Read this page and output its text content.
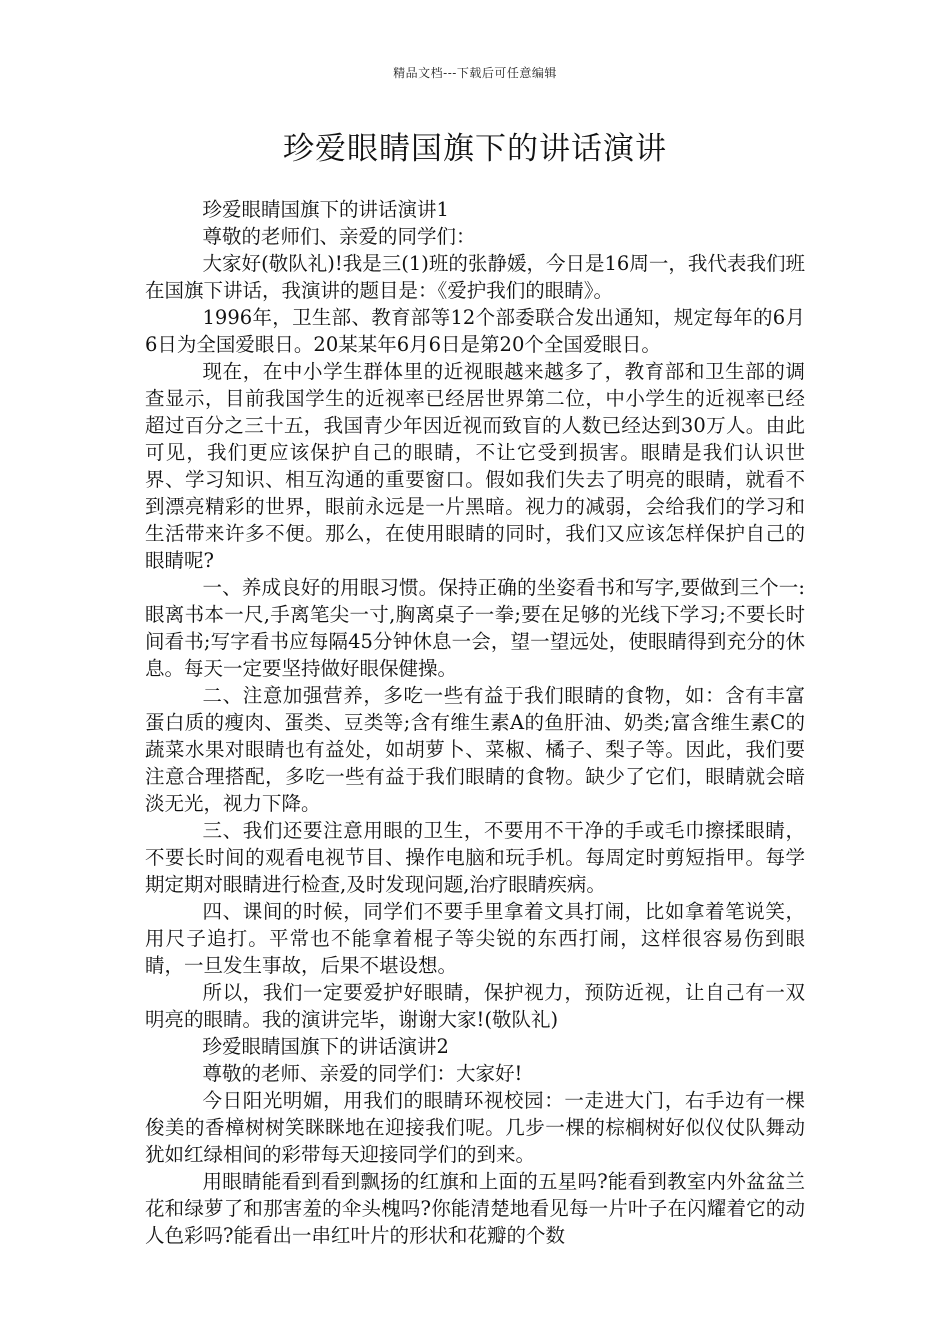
精品文档---下载后可任意编辑
珍爱眼睛国旗下的讲话演讲

珍爱眼睛国旗下的讲话演讲1

尊敬的老师们、亲爱的同学们：

大家好(敬队礼)!我是三(1)班的张静媛，今日是16周一，我代表我们班在国旗下讲话，我演讲的题目是：《爱护我们的眼睛》。

1996年，卫生部、教育部等12个部委联合发出通知，规定每年的6月6日为全国爱眼日。20某某年6月6日是第20个全国爱眼日。

现在，在中小学生群体里的近视眼越来越多了，教育部和卫生部的调查显示，目前我国学生的近视率已经居世界第二位，中小学生的近视率已经超过百分之三十五，我国青少年因近视而致盲的人数已经达到30万人。由此可见，我们更应该保护自己的眼睛，不让它受到损害。眼睛是我们认识世界、学习知识、相互沟通的重要窗口。假如我们失去了明亮的眼睛，就看不到漂亮精彩的世界，眼前永远是一片黑暗。视力的减弱，会给我们的学习和生活带来许多不便。那么，在使用眼睛的同时，我们又应该怎样保护自己的眼睛呢?

一、养成良好的用眼习惯。保持正确的坐姿看书和写字,要做到三个一:眼离书本一尺,手离笔尖一寸,胸离桌子一拳;要在足够的光线下学习;不要长时间看书;写字看书应每隔45分钟休息一会，望一望远处，使眼睛得到充分的休息。每天一定要坚持做好眼保健操。

二、注意加强营养，多吃一些有益于我们眼睛的食物，如：含有丰富蛋白质的瘦肉、蛋类、豆类等;含有维生素A的鱼肝油、奶类;富含维生素C的蔬菜水果对眼睛也有益处，如胡萝卜、菜椒、橘子、梨子等。因此，我们要注意合理搭配，多吃一些有益于我们眼睛的食物。缺少了它们，眼睛就会暗淡无光，视力下降。

三、我们还要注意用眼的卫生，不要用不干净的手或毛巾擦揉眼睛，不要长时间的观看电视节目、操作电脑和玩手机。每周定时剪短指甲。每学期定期对眼睛进行检查,及时发现问题,治疗眼睛疾病。

四、课间的时候，同学们不要手里拿着文具打闹，比如拿着笔说笑，用尺子追打。平常也不能拿着棍子等尖锐的东西打闹，这样很容易伤到眼睛，一旦发生事故，后果不堪设想。

所以，我们一定要爱护好眼睛，保护视力，预防近视，让自己有一双明亮的眼睛。我的演讲完毕，谢谢大家!(敬队礼)

珍爱眼睛国旗下的讲话演讲2

尊敬的老师、亲爱的同学们：大家好!

今日阳光明媚，用我们的眼睛环视校园：一走进大门，右手边有一棵俊美的香樟树树笑眯眯地在迎接我们呢。几步一棵的棕榈树好似仪仗队舞动犹如红绿相间的彩带每天迎接同学们的到来。

用眼睛能看到看到飘扬的红旗和上面的五星吗?能看到教室内外盆盆兰花和绿萝了和那害羞的伞头槐吗?你能清楚地看见每一片叶子在闪耀着它的动人色彩吗?能看出一串红叶片的形状和花瓣的个数
